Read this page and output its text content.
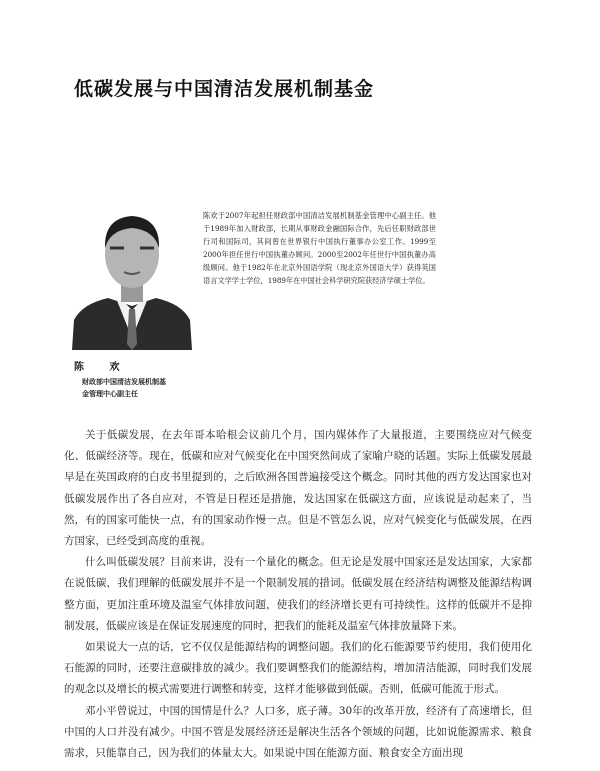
低碳发展与中国清洁发展机制基金
陈欢于2007年起担任财政部中国清洁发展机制基金管理中心副主任。他于1989年加入财政部，长期从事财政金融国际合作，先后任职财政部世行司和国际司，其间曾在世界银行中国执行董事办公室工作。1999至2000年担任世行中国执董办顾问。2000至2002年任世行中国执董办高级顾问。他于1982年在北京外国语学院（现北京外国语大学）获得英国语言文学学士学位，1989年在中国社会科学研究院获经济学硕士学位。
陈 欢
财政部中国清洁发展机制基
金管理中心副主任

关于低碳发展，在去年哥本哈根会议前几个月，国内媒体作了大量报道，主要围绕应对气候变化、低碳经济等。现在，低碳和应对气候变化在中国突然间成了家喻户晓的话题。实际上低碳发展最早是在英国政府的白皮书里提到的，之后欧洲各国普遍接受这个概念。同时其他的西方发达国家也对低碳发展作出了各自应对，不管是日程还是措施，发达国家在低碳这方面，应该说是动起来了，当然，有的国家可能快一点，有的国家动作慢一点。但是不管怎么说，应对气候变化与低碳发展，在西方国家，已经受到高度的重视。

什么叫低碳发展？目前来讲，没有一个量化的概念。但无论是发展中国家还是发达国家，大家都在说低碳，我们理解的低碳发展并不是一个限制发展的措词。低碳发展在经济结构调整及能源结构调整方面，更加注重环境及温室气体排放问题，使我们的经济增长更有可持续性。这样的低碳并不是抑制发展，低碳应该是在保证发展速度的同时，把我们的能耗及温室气体排放量降下来。

如果说大一点的话，它不仅仅是能源结构的调整问题。我们的化石能源要节约使用，我们使用化石能源的同时，还要注意碳排放的减少。我们要调整我们的能源结构，增加清洁能源，同时我们发展的观念以及增长的模式需要进行调整和转变，这样才能够做到低碳。否则，低碳可能流于形式。

邓小平曾说过，中国的国情是什么？人口多，底子薄。30年的改革开放，经济有了高速增长，但中国的人口并没有减少。中国不管是发展经济还是解决生活各个领域的问题，比如说能源需求、粮食需求，只能靠自己，因为我们的体量太大。如果说中国在能源方面、粮食安全方面出现
